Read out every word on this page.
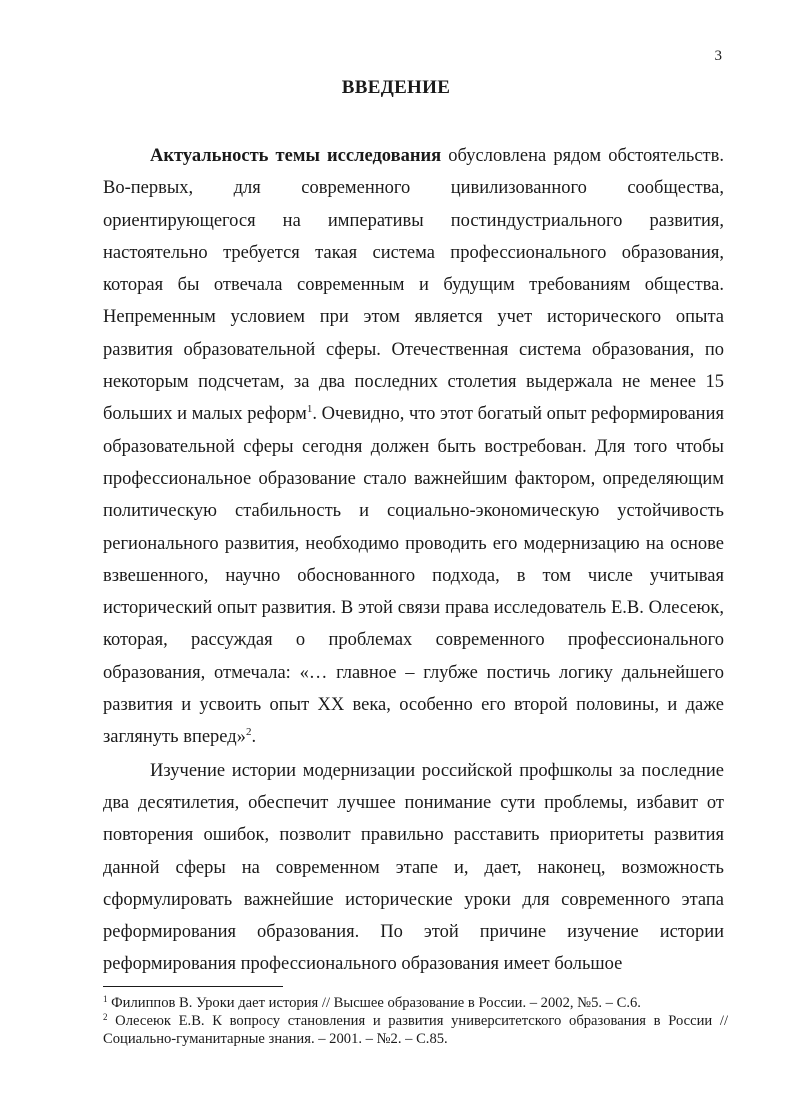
3
ВВЕДЕНИЕ

Актуальность темы исследования обусловлена рядом обстоятельств. Во-первых, для современного цивилизованного сообщества, ориентирующегося на императивы постиндустриального развития, настоятельно требуется такая система профессионального образования, которая бы отвечала современным и будущим требованиям общества. Непременным условием при этом является учет исторического опыта развития образовательной сферы. Отечественная система образования, по некоторым подсчетам, за два последних столетия выдержала не менее 15 больших и малых реформ$^1$. Очевидно, что этот богатый опыт реформирования образовательной сферы сегодня должен быть востребован. Для того чтобы профессиональное образование стало важнейшим фактором, определяющим политическую стабильность и социально-экономическую устойчивость регионального развития, необходимо проводить его модернизацию на основе взвешенного, научно обоснованного подхода, в том числе учитывая исторический опыт развития. В этой связи права исследователь Е.В. Олесеюк, которая, рассуждая о проблемах современного профессионального образования, отмечала: «… главное – глубже постичь логику дальнейшего развития и усвоить опыт XX века, особенно его второй половины, и даже заглянуть вперед»$^2$.

Изучение истории модернизации российской профшколы за последние два десятилетия, обеспечит лучшее понимание сути проблемы, избавит от повторения ошибок, позволит правильно расставить приоритеты развития данной сферы на современном этапе и, дает, наконец, возможность сформулировать важнейшие исторические уроки для современного этапа реформирования образования. По этой причине изучение истории реформирования профессионального образования имеет большое

$^1$ Филиппов В. Уроки дает история // Высшее образование в России. – 2002, №5. – С.6.

$^2$ Олесеюк Е.В. К вопросу становления и развития университетского образования в России // Социально-гуманитарные знания. – 2001. – №2. – С.85.
